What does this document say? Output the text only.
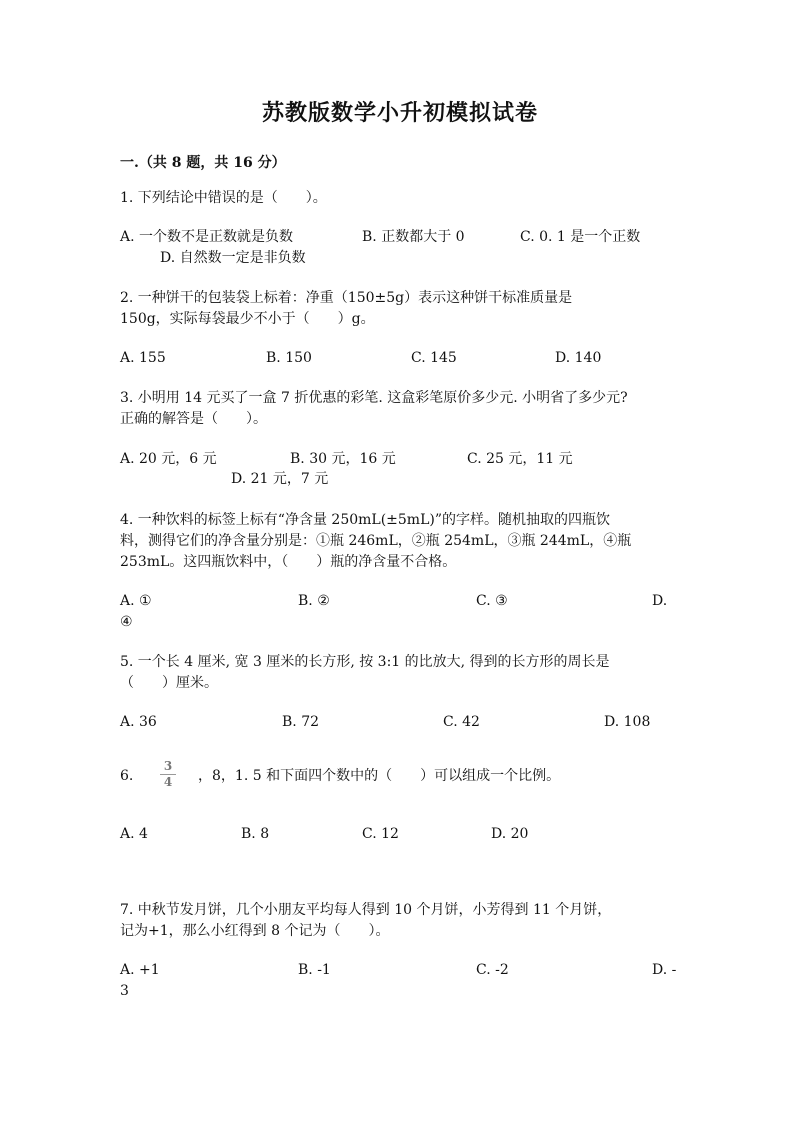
苏教版数学小升初模拟试卷
一.（共 8 题，共 16 分）
1. 下列结论中错误的是（　　）。
A. 一个数不是正数就是负数	B. 正数都大于 0	C. 0. 1 是一个正数
D. 自然数一定是非负数
2. 一种饼干的包装袋上标着：净重（150±5g）表示这种饼干标准质量是
150g，实际每袋最少不小于（　　）g。
A. 155	B. 150	C. 145	D. 140
3. 小明用 14 元买了一盒 7 折优惠的彩笔. 这盒彩笔原价多少元. 小明省了多少元?
正确的解答是（　　）。
A. 20 元，6 元	B. 30 元，16 元	C. 25 元，11 元
D. 21 元，7 元
4. 一种饮料的标签上标有“净含量 250mL(±5mL)”的字样。随机抽取的四瓶饮
料，测得它们的净含量分别是：①瓶 246mL，②瓶 254mL，③瓶 244mL，④瓶
253mL。这四瓶饮料中，（　　）瓶的净含量不合格。
A. ①	B. ②	C. ③	D.
④
5. 一个长 4 厘米, 宽 3 厘米的长方形, 按 3:1 的比放大, 得到的长方形的周长是
（　　）厘米。
A. 36	B. 72	C. 42	D. 108
6.
3
4 ，8，1. 5 和下面四个数中的（　　）可以组成一个比例。
A. 4	B. 8	C. 12	D. 20
7. 中秋节发月饼，几个小朋友平均每人得到 10 个月饼，小芳得到 11 个月饼，
记为+1，那么小红得到 8 个记为（　　）。
A. +1	B. -1	C. -2	D. -
3
